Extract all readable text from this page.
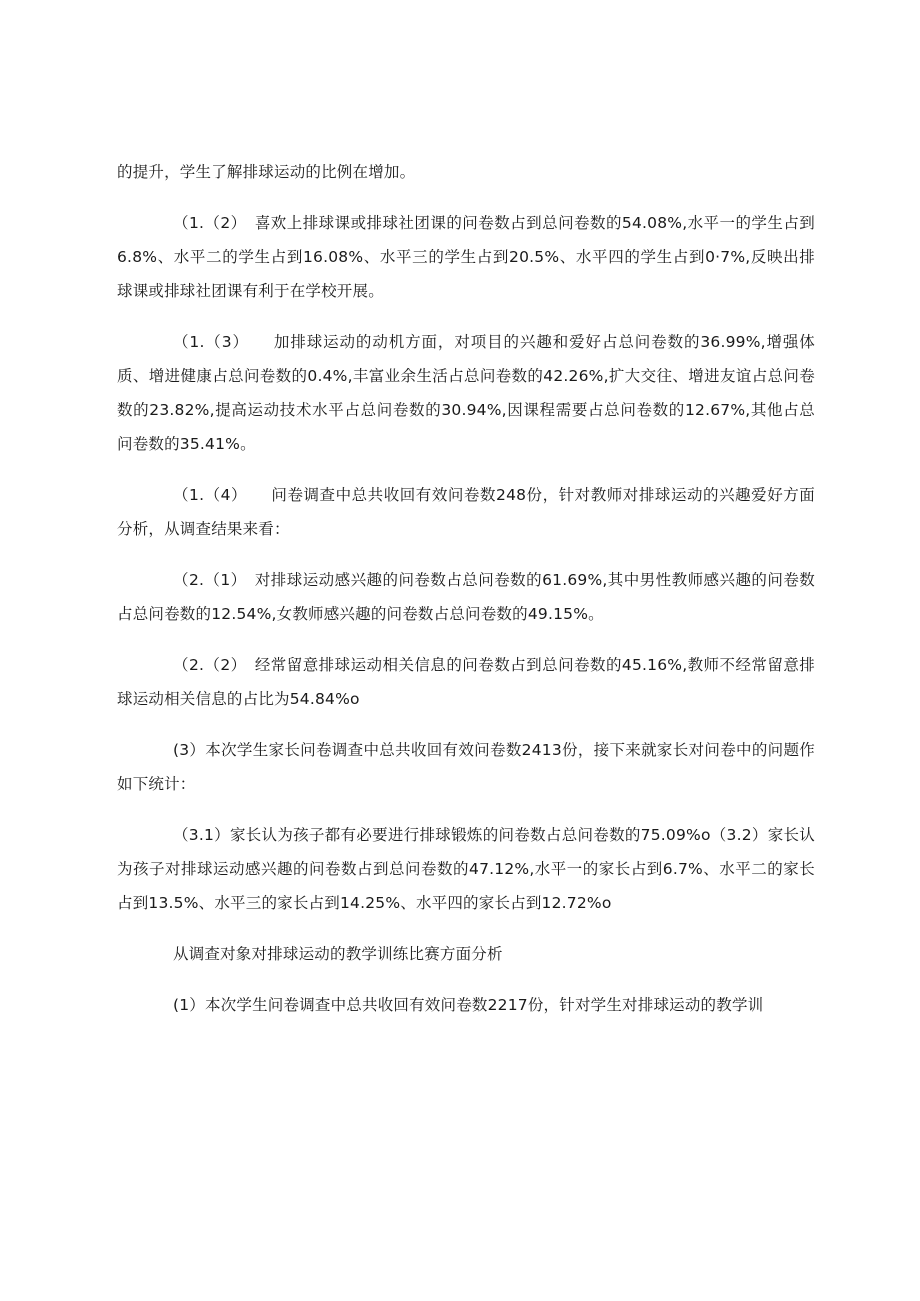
的提升，学生了解排球运动的比例在增加。

（1.（2）　喜欢上排球课或排球社团课的问卷数占到总问卷数的54.08%,水平一的学生占到6.8%、水平二的学生占到16.08%、水平三的学生占到20.5%、水平四的学生占到0·7%,反映出排球课或排球社团课有利于在学校开展。

（1.（3）　　加排球运动的动机方面，对项目的兴趣和爱好占总问卷数的36.99%,增强体质、增进健康占总问卷数的0.4%,丰富业余生活占总问卷数的42.26%,扩大交往、增进友谊占总问卷数的23.82%,提高运动技术水平占总问卷数的30.94%,因课程需要占总问卷数的12.67%,其他占总问卷数的35.41%。

（1.（4）　　问卷调查中总共收回有效问卷数248份，针对教师对排球运动的兴趣爱好方面分析，从调查结果来看：

（2.（1）　对排球运动感兴趣的问卷数占总问卷数的61.69%,其中男性教师感兴趣的问卷数占总问卷数的12.54%,女教师感兴趣的问卷数占总问卷数的49.15%。

（2.（2）　经常留意排球运动相关信息的问卷数占到总问卷数的45.16%,教师不经常留意排球运动相关信息的占比为54.84%o

(3）本次学生家长问卷调查中总共收回有效问卷数2413份，接下来就家长对问卷中的问题作如下统计：

（3.1）家长认为孩子都有必要进行排球锻炼的问卷数占总问卷数的75.09%o（3.2）家长认为孩子对排球运动感兴趣的问卷数占到总问卷数的47.12%,水平一的家长占到6.7%、水平二的家长占到13.5%、水平三的家长占到14.25%、水平四的家长占到12.72%o

从调查对象对排球运动的教学训练比赛方面分析

(1）本次学生问卷调查中总共收回有效问卷数2217份，针对学生对排球运动的教学训
